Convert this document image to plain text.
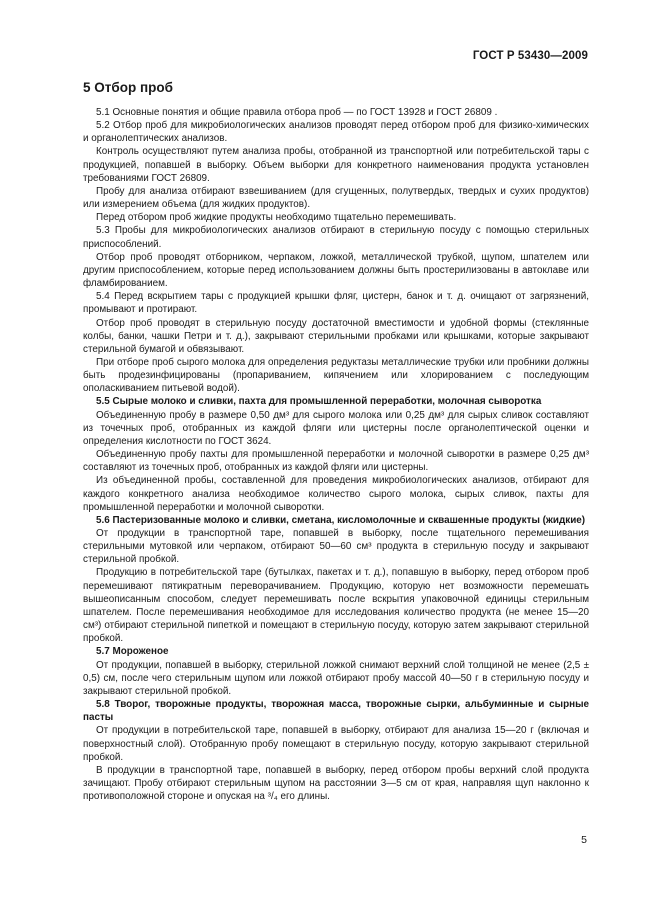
ГОСТ Р 53430—2009
5 Отбор проб

5.1 Основные понятия и общие правила отбора проб — по ГОСТ 13928 и ГОСТ 26809 .

5.2 Отбор проб для микробиологических анализов проводят перед отбором проб для физико-химических и органолептических анализов.

Контроль осуществляют путем анализа пробы, отобранной из транспортной или потребительской тары с продукцией, попавшей в выборку. Объем выборки для конкретного наименования продукта установлен требованиями ГОСТ 26809.

Пробу для анализа отбирают взвешиванием (для сгущенных, полутвердых, твердых и сухих продуктов) или измерением объема (для жидких продуктов).

Перед отбором проб жидкие продукты необходимо тщательно перемешивать.

5.3 Пробы для микробиологических анализов отбирают в стерильную посуду с помощью стерильных приспособлений.

Отбор проб проводят отборником, черпаком, ложкой, металлической трубкой, щупом, шпателем или другим приспособлением, которые перед использованием должны быть простерилизованы в автоклаве или фламбированием.

5.4 Перед вскрытием тары с продукцией крышки фляг, цистерн, банок и т. д. очищают от загрязнений, промывают и протирают.

Отбор проб проводят в стерильную посуду достаточной вместимости и удобной формы (стеклянные колбы, банки, чашки Петри и т. д.), закрывают стерильными пробками или крышками, которые закрывают стерильной бумагой и обвязывают.

При отборе проб сырого молока для определения редуктазы металлические трубки или пробники должны быть продезинфицированы (пропариванием, кипячением или хлорированием с последующим ополаскиванием питьевой водой).

5.5 Сырые молоко и сливки, пахта для промышленной переработки, молочная сыворотка

Объединенную пробу в размере 0,50 дм³ для сырого молока или 0,25 дм³ для сырых сливок составляют из точечных проб, отобранных из каждой фляги или цистерны после органолептической оценки и определения кислотности по ГОСТ 3624.

Объединенную пробу пахты для промышленной переработки и молочной сыворотки в размере 0,25 дм³ составляют из точечных проб, отобранных из каждой фляги или цистерны.

Из объединенной пробы, составленной для проведения микробиологических анализов, отбирают для каждого конкретного анализа необходимое количество сырого молока, сырых сливок, пахты для промышленной переработки и молочной сыворотки.

5.6 Пастеризованные молоко и сливки, сметана, кисломолочные и сквашенные продукты (жидкие)

От продукции в транспортной таре, попавшей в выборку, после тщательного перемешивания стерильными мутовкой или черпаком, отбирают 50—60 см³ продукта в стерильную посуду и закрывают стерильной пробкой.

Продукцию в потребительской таре (бутылках, пакетах и т. д.), попавшую в выборку, перед отбором проб перемешивают пятикратным переворачиванием. Продукцию, которую нет возможности перемешать вышеописанным способом, следует перемешивать после вскрытия упаковочной единицы стерильным шпателем. После перемешивания необходимое для исследования количество продукта (не менее 15—20 см³) отбирают стерильной пипеткой и помещают в стерильную посуду, которую затем закрывают стерильной пробкой.

5.7 Мороженое

От продукции, попавшей в выборку, стерильной ложкой снимают верхний слой толщиной не менее (2,5 ± 0,5) см, после чего стерильным щупом или ложкой отбирают пробу массой 40—50 г в стерильную посуду и закрывают стерильной пробкой.

5.8 Творог, творожные продукты, творожная масса, творожные сырки, альбуминные и сырные пасты

От продукции в потребительской таре, попавшей в выборку, отбирают для анализа 15—20 г (включая и поверхностный слой). Отобранную пробу помещают в стерильную посуду, которую закрывают стерильной пробкой.

В продукции в транспортной таре, попавшей в выборку, перед отбором пробы верхний слой продукта зачищают. Пробу отбирают стерильным щупом на расстоянии 3—5 см от края, направляя щуп наклонно к противоположной стороне и опуская на ³/₄ его длины.

5
